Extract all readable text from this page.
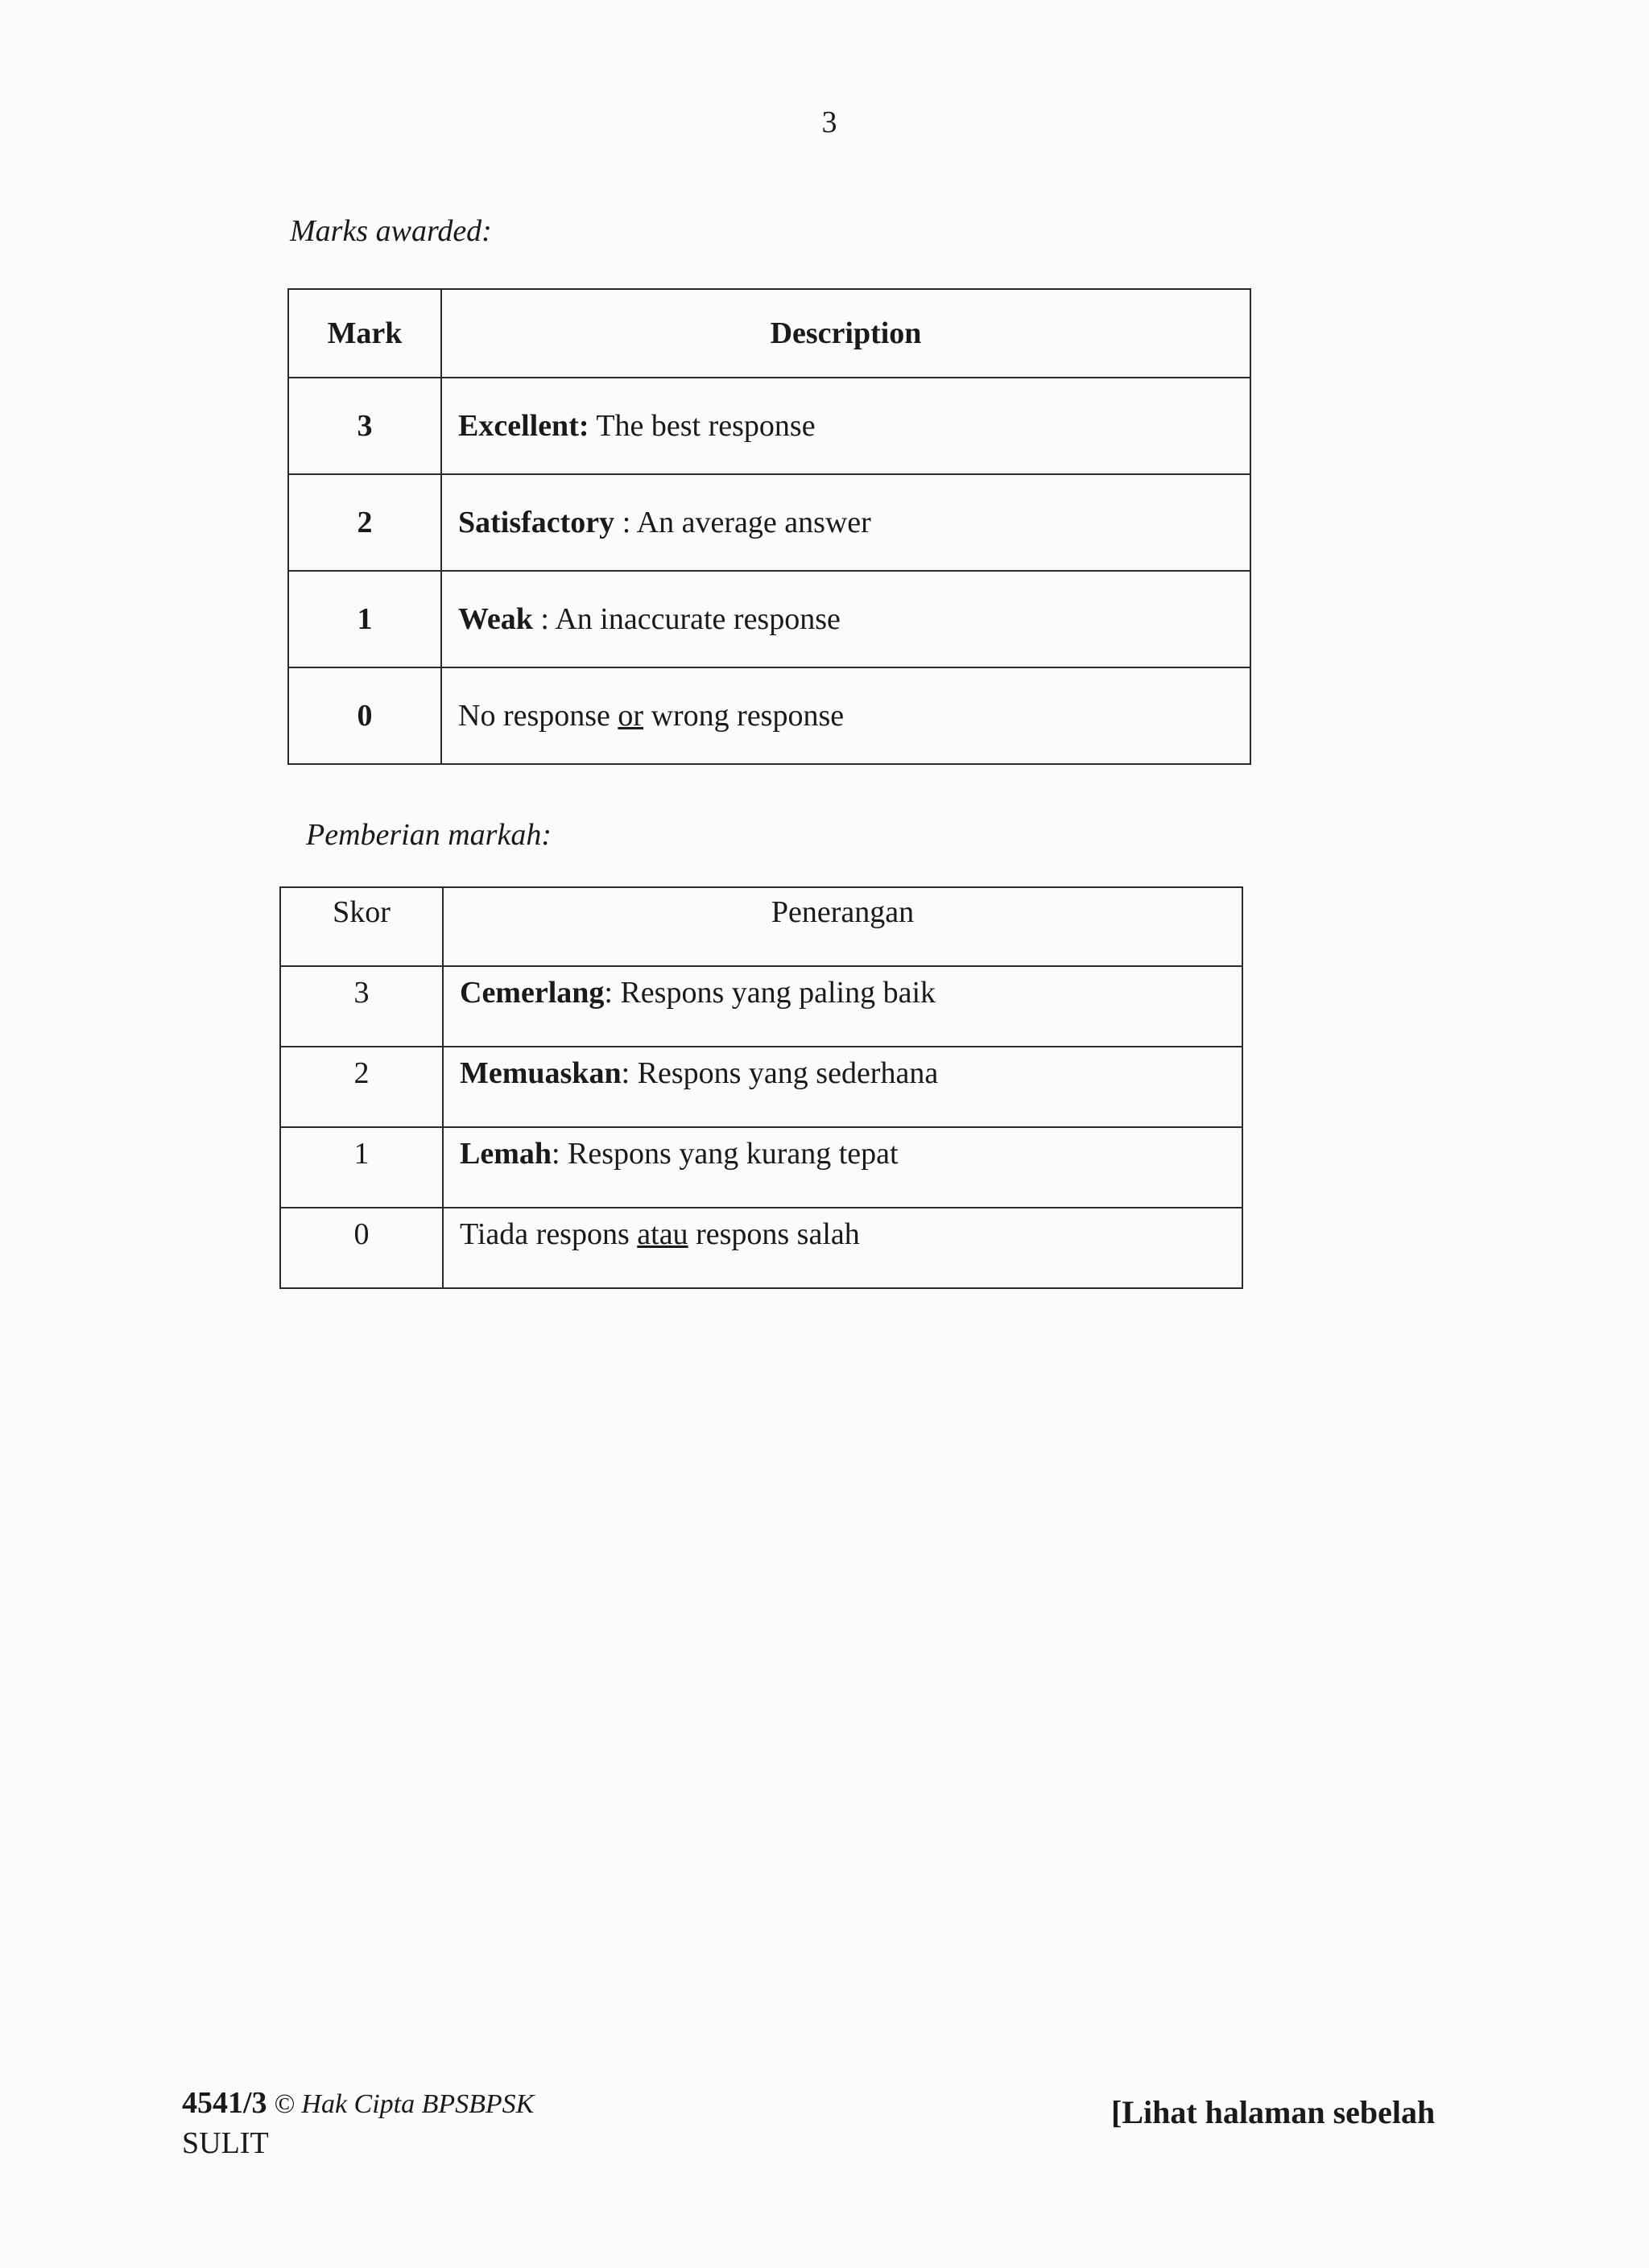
3
Marks awarded:
Mark	Description
3	Excellent: The best response
2	Satisfactory : An average answer
1	Weak : An inaccurate response
0	No response or wrong response
Pemberian markah:
Skor	Penerangan
3	Cemerlang: Respons yang paling baik
2	Memuaskan: Respons yang sederhana
1	Lemah: Respons yang kurang tepat
0	Tiada respons atau respons salah
4541/3 © Hak Cipta BPSBPSK
SULIT
[Lihat halaman sebelah
